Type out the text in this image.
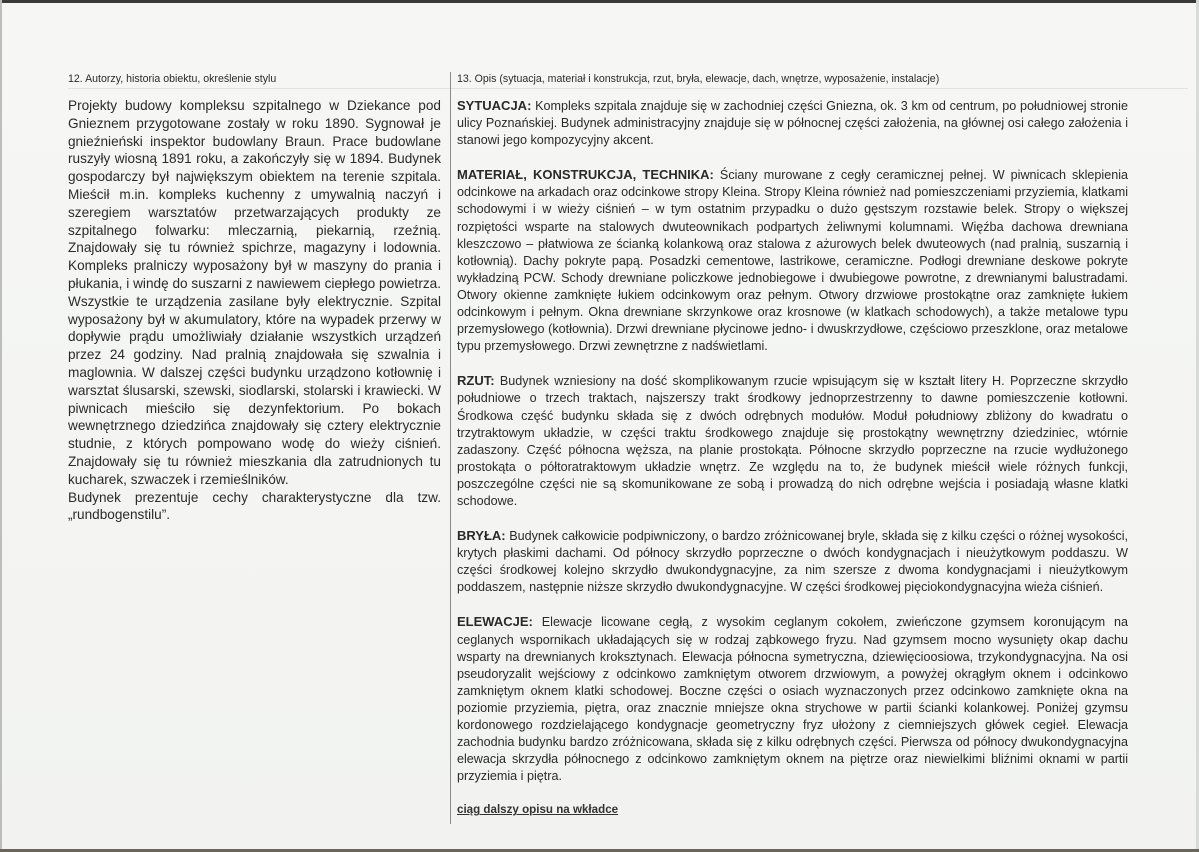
12. Autorzy, historia obiektu, określenie stylu	13. Opis (sytuacja, materiał i konstrukcja, rzut, bryła, elewacje, dach, wnętrze, wyposażenie, instalacje)

Projekty budowy kompleksu szpitalnego w Dziekance pod Gnieznem przygotowane zostały w roku 1890. Sygnował je gnieźnieński inspektor budowlany Braun. Prace budowlane ruszyły wiosną 1891 roku, a zakończyły się w 1894. Budynek gospodarczy był największym obiektem na terenie szpitala. Mieścił m.in. kompleks kuchenny z umywalnią naczyń i szeregiem warsztatów przetwarzających produkty ze szpitalnego folwarku: mleczarnią, piekarnią, rzeźnią. Znajdowały się tu również spichrze, magazyny i lodownia. Kompleks pralniczy wyposażony był w maszyny do prania i płukania, i windę do suszarni z nawiewem ciepłego powietrza. Wszystkie te urządzenia zasilane były elektrycznie. Szpital wyposażony był w akumulatory, które na wypadek przerwy w dopływie prądu umożliwiały działanie wszystkich urządzeń przez 24 godziny. Nad pralnią znajdowała się szwalnia i maglownia. W dalszej części budynku urządzono kotłownię i warsztat ślusarski, szewski, siodlarski, stolarski i krawiecki. W piwnicach mieściło się dezynfektorium. Po bokach wewnętrznego dziedzińca znajdowały się cztery elektrycznie studnie, z których pompowano wodę do wieży ciśnień. Znajdowały się tu również mieszkania dla zatrudnionych tu kucharek, szwaczek i rzemieślników.

Budynek prezentuje cechy charakterystyczne dla tzw. „rundbogenstilu”.

SYTUACJA: Kompleks szpitala znajduje się w zachodniej części Gniezna, ok. 3 km od centrum, po południowej stronie ulicy Poznańskiej. Budynek administracyjny znajduje się w północnej części założenia, na głównej osi całego założenia i stanowi jego kompozycyjny akcent.

MATERIAŁ, KONSTRUKCJA, TECHNIKA: Ściany murowane z cegły ceramicznej pełnej. W piwnicach sklepienia odcinkowe na arkadach oraz odcinkowe stropy Kleina. Stropy Kleina również nad pomieszczeniami przyziemia, klatkami schodowymi i w wieży ciśnień – w tym ostatnim przypadku o dużo gęstszym rozstawie belek. Stropy o większej rozpiętości wsparte na stalowych dwuteownikach podpartych żeliwnymi kolumnami. Więźba dachowa drewniana kleszczowo – płatwiowa ze ścianką kolankową oraz stalowa z ażurowych belek dwuteowych (nad pralnią, suszarnią i kotłownią). Dachy pokryte papą. Posadzki cementowe, lastrikowe, ceramiczne. Podłogi drewniane deskowe pokryte wykładziną PCW. Schody drewniane policzkowe jednobiegowe i dwubiegowe powrotne, z drewnianymi balustradami. Otwory okienne zamknięte łukiem odcinkowym oraz pełnym. Otwory drzwiowe prostokątne oraz zamknięte łukiem odcinkowym i pełnym. Okna drewniane skrzynkowe oraz krosnowe (w klatkach schodowych), a także metalowe typu przemysłowego (kotłownia). Drzwi drewniane płycinowe jedno- i dwuskrzydłowe, częściowo przeszklone, oraz metalowe typu przemysłowego. Drzwi zewnętrzne z nadświetlami.

RZUT: Budynek wzniesiony na dość skomplikowanym rzucie wpisującym się w kształt litery H. Poprzeczne skrzydło południowe o trzech traktach, najszerszy trakt środkowy jednoprzestrzenny to dawne pomieszczenie kotłowni. Środkowa część budynku składa się z dwóch odrębnych modułów. Moduł południowy zbliżony do kwadratu o trzytraktowym układzie, w części traktu środkowego znajduje się prostokątny wewnętrzny dziedziniec, wtórnie zadaszony. Część północna węższa, na planie prostokąta. Północne skrzydło poprzeczne na rzucie wydłużonego prostokąta o półtoratraktowym układzie wnętrz. Ze względu na to, że budynek mieścił wiele różnych funkcji, poszczególne części nie są skomunikowane ze sobą i prowadzą do nich odrębne wejścia i posiadają własne klatki schodowe.

BRYŁA: Budynek całkowicie podpiwniczony, o bardzo zróżnicowanej bryle, składa się z kilku części o różnej wysokości, krytych płaskimi dachami. Od północy skrzydło poprzeczne o dwóch kondygnacjach i nieużytkowym poddaszu. W części środkowej kolejno skrzydło dwukondygnacyjne, za nim szersze z dwoma kondygnacjami i nieużytkowym poddaszem, następnie niższe skrzydło dwukondygnacyjne. W części środkowej pięciokondygnacyjna wieża ciśnień.

ELEWACJE: Elewacje licowane cegłą, z wysokim ceglanym cokołem, zwieńczone gzymsem koronującym na ceglanych wspornikach układających się w rodzaj ząbkowego fryzu. Nad gzymsem mocno wysunięty okap dachu wsparty na drewnianych kroksztynach. Elewacja północna symetryczna, dziewięcioosiowa, trzykondygnacyjna. Na osi pseudoryzalit wejściowy z odcinkowo zamkniętym otworem drzwiowym, a powyżej okrągłym oknem i odcinkowo zamkniętym oknem klatki schodowej. Boczne części o osiach wyznaczonych przez odcinkowo zamknięte okna na poziomie przyziemia, piętra, oraz znacznie mniejsze okna strychowe w partii ścianki kolankowej. Poniżej gzymsu kordonowego rozdzielającego kondygnacje geometryczny fryz ułożony z ciemniejszych główek cegieł. Elewacja zachodnia budynku bardzo zróżnicowana, składa się z kilku odrębnych części. Pierwsza od północy dwukondygnacyjna elewacja skrzydła północnego z odcinkowo zamkniętym oknem na piętrze oraz niewielkimi bliźnimi oknami w partii przyziemia i piętra.

ciąg dalszy opisu na wkładce
